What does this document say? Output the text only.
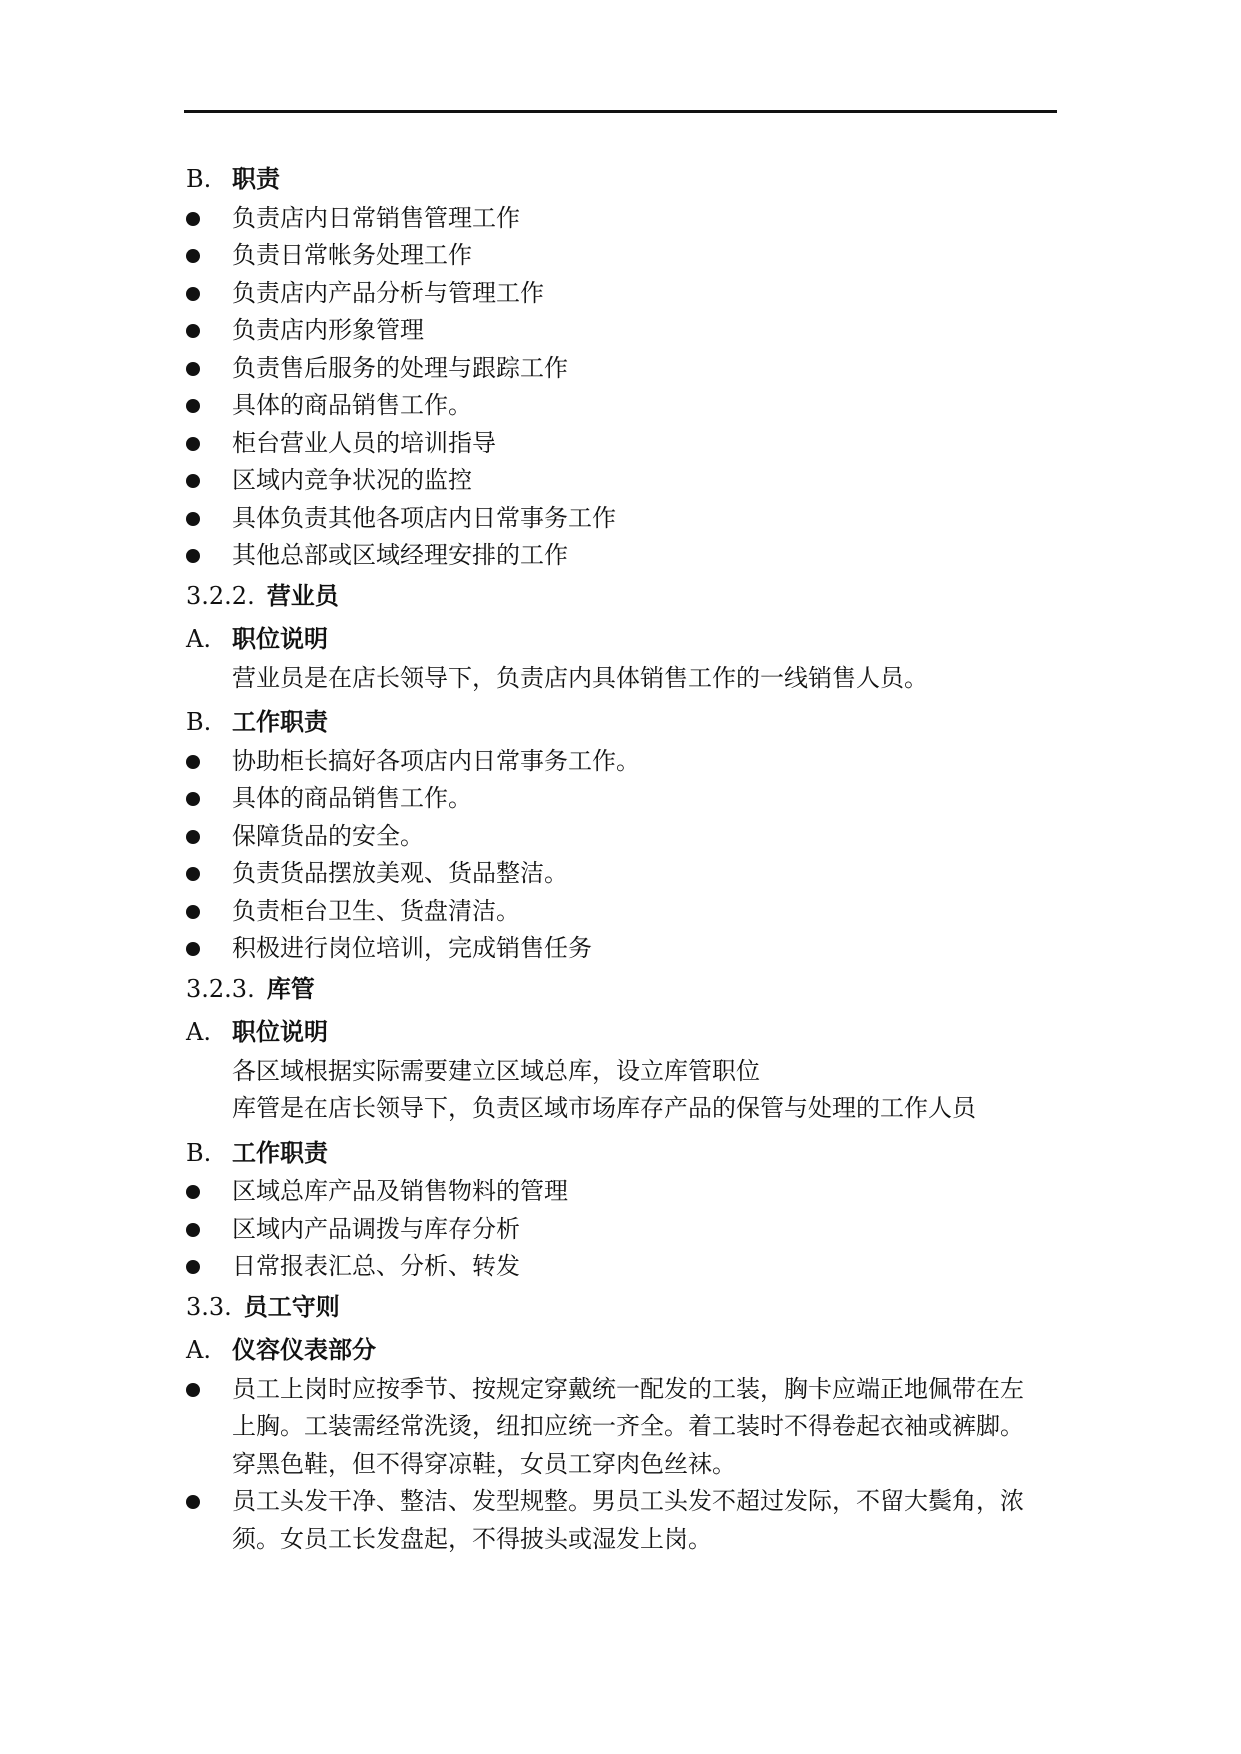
B. 职责
负责店内日常销售管理工作
负责日常帐务处理工作
负责店内产品分析与管理工作
负责店内形象管理
负责售后服务的处理与跟踪工作
具体的商品销售工作。
柜台营业人员的培训指导
区域内竞争状况的监控
具体负责其他各项店内日常事务工作
其他总部或区域经理安排的工作
3.2.2. 营业员
A. 职位说明
营业员是在店长领导下，负责店内具体销售工作的一线销售人员。
B. 工作职责
协助柜长搞好各项店内日常事务工作。
具体的商品销售工作。
保障货品的安全。
负责货品摆放美观、货品整洁。
负责柜台卫生、货盘清洁。
积极进行岗位培训，完成销售任务
3.2.3. 库管
A. 职位说明
各区域根据实际需要建立区域总库，设立库管职位
库管是在店长领导下，负责区域市场库存产品的保管与处理的工作人员
B. 工作职责
区域总库产品及销售物料的管理
区域内产品调拨与库存分析
日常报表汇总、分析、转发
3.3. 员工守则
A. 仪容仪表部分
员工上岗时应按季节、按规定穿戴统一配发的工装，胸卡应端正地佩带在左
上胸。工装需经常洗烫，纽扣应统一齐全。着工装时不得卷起衣袖或裤脚。
穿黑色鞋，但不得穿凉鞋，女员工穿肉色丝袜。
员工头发干净、整洁、发型规整。男员工头发不超过发际，不留大鬓角，浓
须。女员工长发盘起，不得披头或湿发上岗。
